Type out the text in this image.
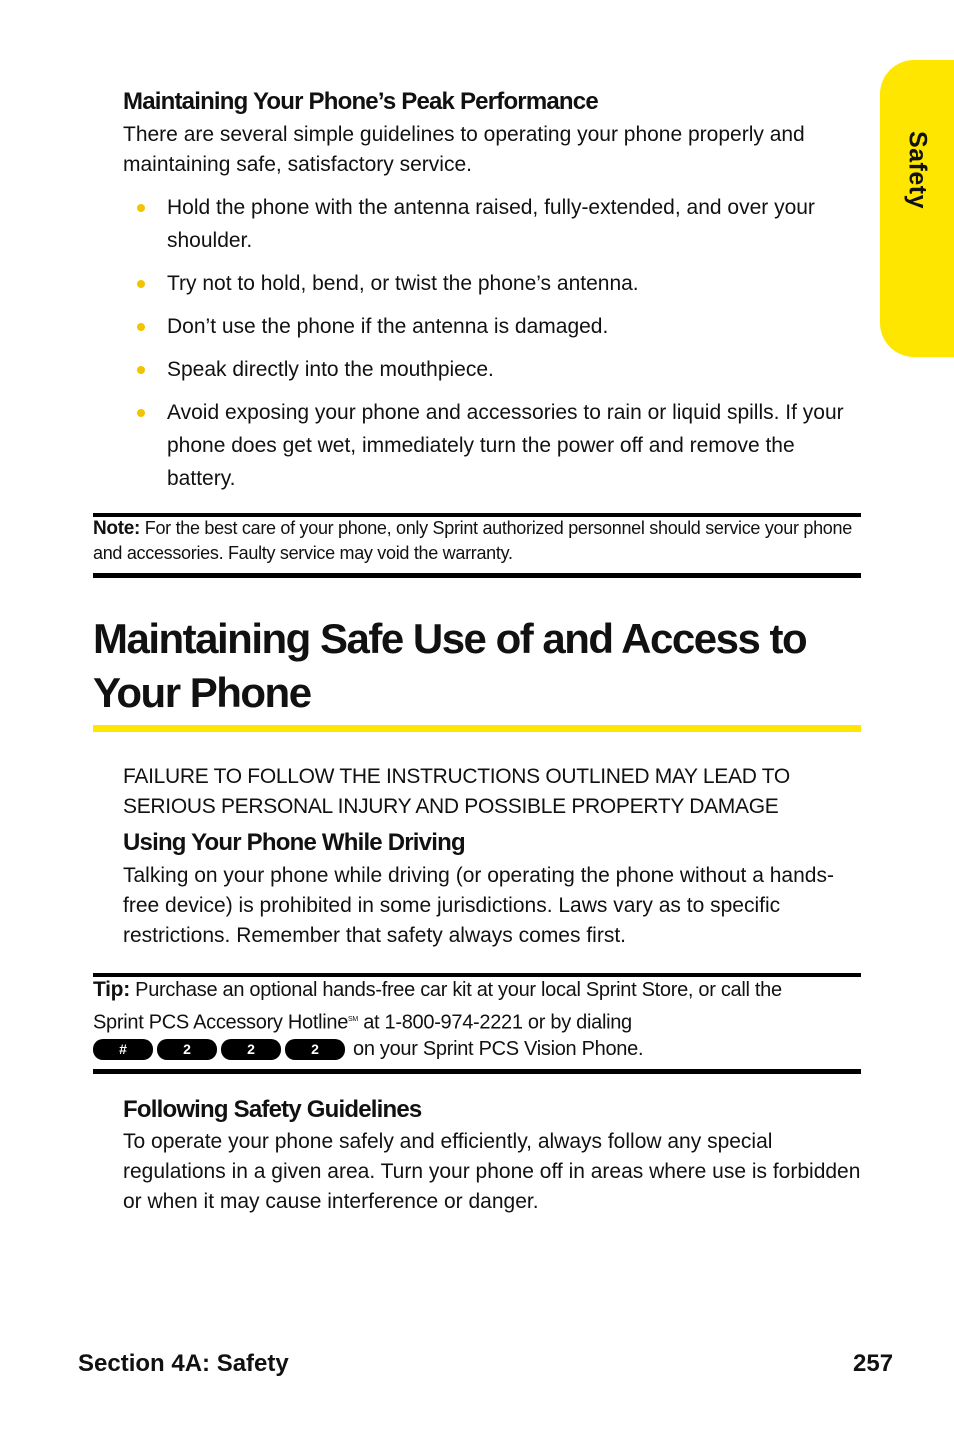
Safety
Maintaining Your Phone’s Peak Performance

There are several simple guidelines to operating your phone properly and maintaining safe, satisfactory service.

Hold the phone with the antenna raised, fully-extended, and over your shoulder.
Try not to hold, bend, or twist the phone’s antenna.
Don’t use the phone if the antenna is damaged.
Speak directly into the mouthpiece.
Avoid exposing your phone and accessories to rain or liquid spills. If your phone does get wet, immediately turn the power off and remove the battery.

Note: For the best care of your phone, only Sprint authorized personnel should service your phone and accessories. Faulty service may void the warranty.

Maintaining Safe Use of and Access to Your Phone

FAILURE TO FOLLOW THE INSTRUCTIONS OUTLINED MAY LEAD TO SERIOUS PERSONAL INJURY AND POSSIBLE PROPERTY DAMAGE

Using Your Phone While Driving

Talking on your phone while driving (or operating the phone without a hands-free device) is prohibited in some jurisdictions. Laws vary as to specific restrictions. Remember that safety always comes first.

Tip: Purchase an optional hands-free car kit at your local Sprint Store, or call the Sprint PCS Accessory Hotline℠ at 1-800-974-2221 or by dialing

#	2	2	2	on your Sprint PCS Vision Phone.
Following Safety Guidelines

To operate your phone safely and efficiently, always follow any special regulations in a given area. Turn your phone off in areas where use is forbidden or when it may cause interference or danger.

Section 4A: Safety	257
